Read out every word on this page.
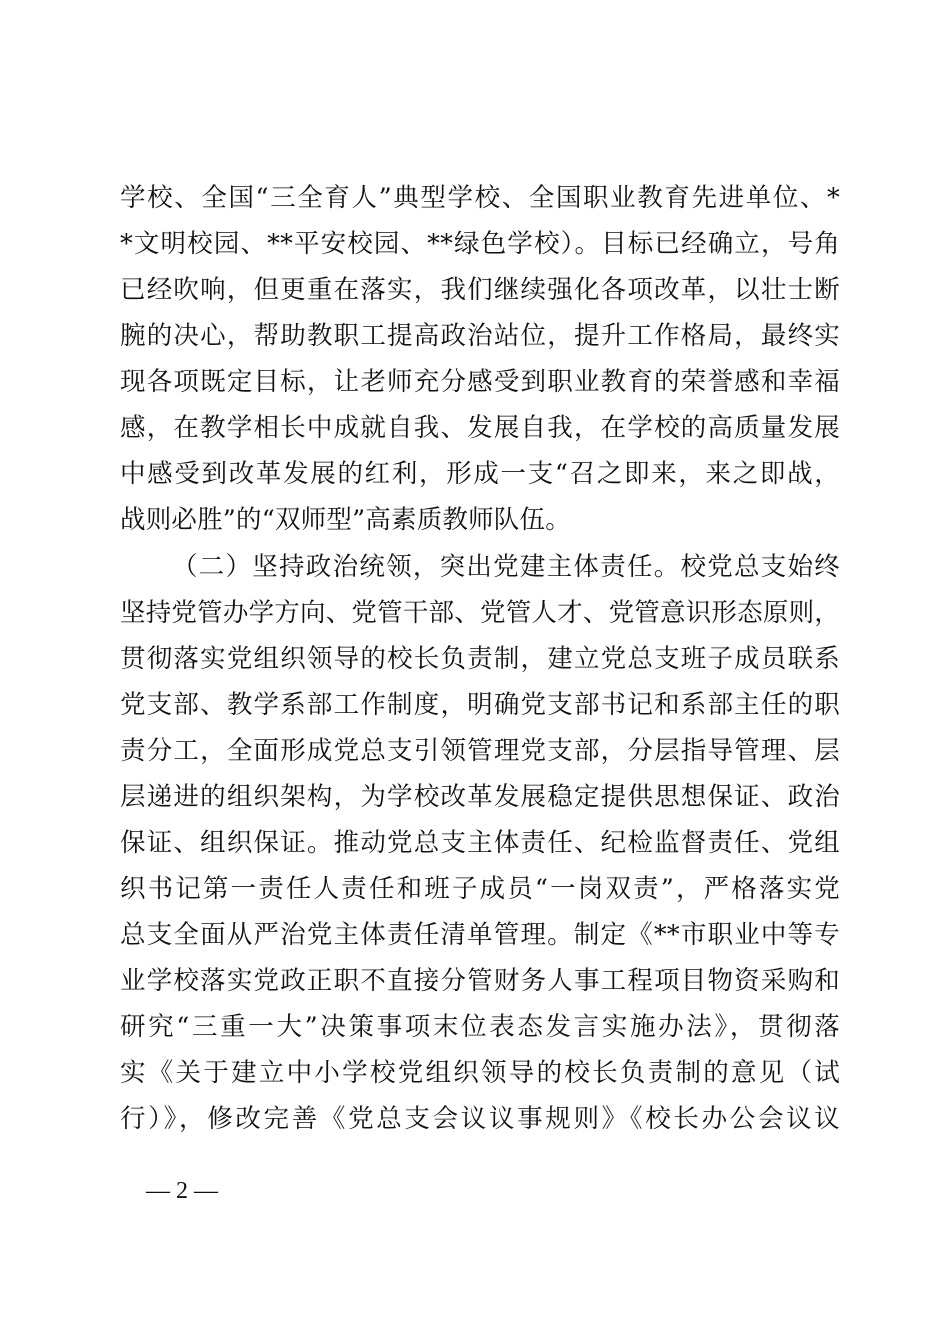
学校、全国“三全育人”典型学校、全国职业教育先进单位、*
*文明校园、**平安校园、**绿色学校）。目标已经确立，号角
已经吹响，但更重在落实，我们继续强化各项改革，以壮士断
腕的决心，帮助教职工提高政治站位，提升工作格局，最终实
现各项既定目标，让老师充分感受到职业教育的荣誉感和幸福
感，在教学相长中成就自我、发展自我，在学校的高质量发展
中感受到改革发展的红利，形成一支“召之即来，来之即战，
战则必胜”的“双师型”高素质教师队伍。
（二）坚持政治统领，突出党建主体责任。校党总支始终
坚持党管办学方向、党管干部、党管人才、党管意识形态原则，
贯彻落实党组织领导的校长负责制，建立党总支班子成员联系
党支部、教学系部工作制度，明确党支部书记和系部主任的职
责分工，全面形成党总支引领管理党支部，分层指导管理、层
层递进的组织架构，为学校改革发展稳定提供思想保证、政治
保证、组织保证。推动党总支主体责任、纪检监督责任、党组
织书记第一责任人责任和班子成员“一岗双责”，严格落实党
总支全面从严治党主体责任清单管理。制定《**市职业中等专
业学校落实党政正职不直接分管财务人事工程项目物资采购和
研究“三重一大”决策事项末位表态发言实施办法》，贯彻落
实《关于建立中小学校党组织领导的校长负责制的意见（试
行）》，修改完善《党总支会议议事规则》《校长办公会议议
— 2 —
